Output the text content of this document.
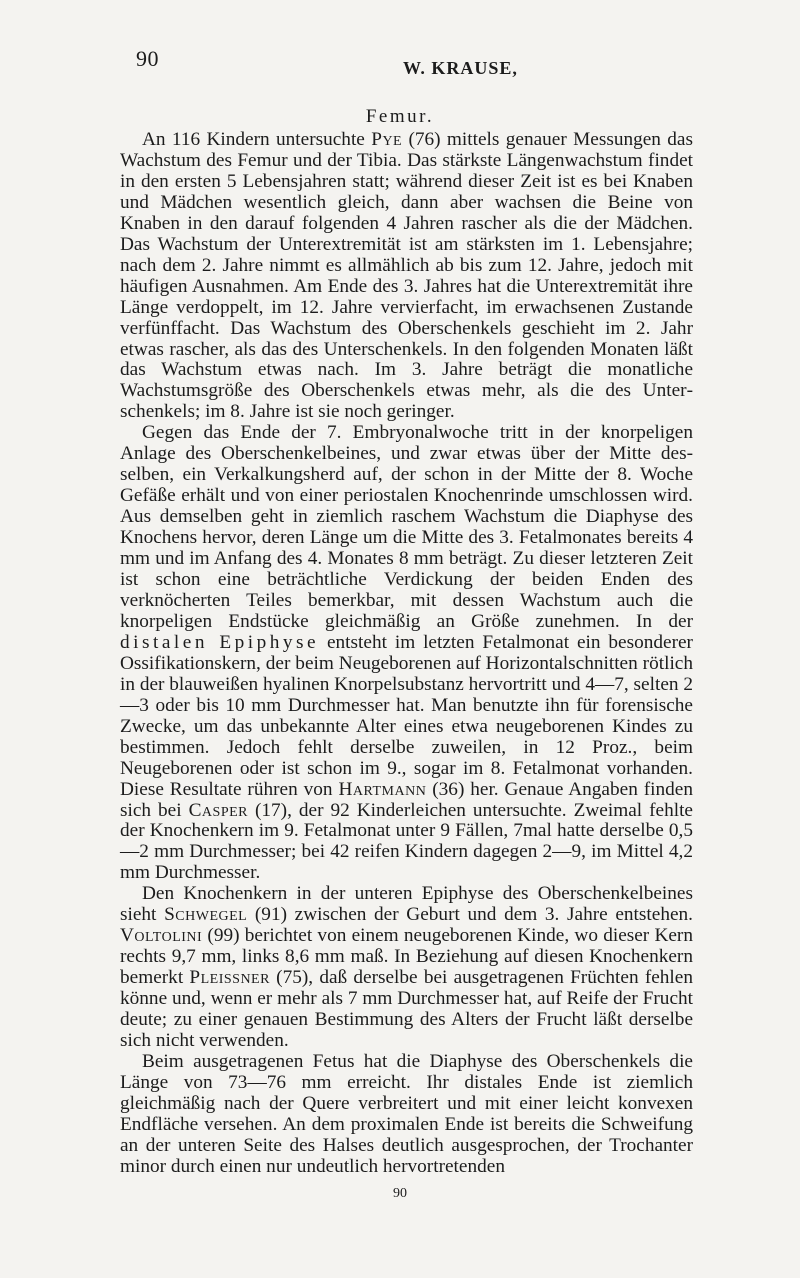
90	W. KRAUSE,
Femur.

An 116 Kindern untersuchte Pye (76) mittels genauer Messungen das Wachstum des Femur und der Tibia. Das stärkste Längenwachstum findet in den ersten 5 Lebensjahren statt; während dieser Zeit ist es bei Knaben und Mädchen wesentlich gleich, dann aber wachsen die Beine von Knaben in den darauf folgenden 4 Jahren rascher als die der Mädchen. Das Wachstum der Unterextremität ist am stärksten im 1. Lebensjahre; nach dem 2. Jahre nimmt es allmählich ab bis zum 12. Jahre, jedoch mit häufigen Ausnahmen. Am Ende des 3. Jahres hat die Unterextremität ihre Länge verdoppelt, im 12. Jahre vervierfacht, im erwachsenen Zustande verfünffacht. Das Wachstum des Oberschenkels geschieht im 2. Jahr etwas rascher, als das des Unterschenkels. In den folgenden Monaten läßt das Wachstum etwas nach. Im 3. Jahre beträgt die monatliche Wachstumsgröße des Oberschenkels etwas mehr, als die des Unterschenkels; im 8. Jahre ist sie noch geringer.

Gegen das Ende der 7. Embryonalwoche tritt in der knorpeligen Anlage des Oberschenkelbeines, und zwar etwas über der Mitte desselben, ein Verkalkungsherd auf, der schon in der Mitte der 8. Woche Gefäße erhält und von einer periostalen Knochenrinde umschlossen wird. Aus demselben geht in ziemlich raschem Wachstum die Diaphyse des Knochens hervor, deren Länge um die Mitte des 3. Fetalmonates bereits 4 mm und im Anfang des 4. Monates 8 mm beträgt. Zu dieser letzteren Zeit ist schon eine beträchtliche Verdickung der beiden Enden des verknöcherten Teiles bemerkbar, mit dessen Wachstum auch die knorpeligen Endstücke gleichmäßig an Größe zunehmen. In der distalen Epiphyse entsteht im letzten Fetalmonat ein besonderer Ossifikationskern, der beim Neugeborenen auf Horizontalschnitten rötlich in der blauweißen hyalinen Knorpelsubstanz hervortritt und 4—7, selten 2—3 oder bis 10 mm Durchmesser hat. Man benutzte ihn für forensische Zwecke, um das unbekannte Alter eines etwa neugeborenen Kindes zu bestimmen. Jedoch fehlt derselbe zuweilen, in 12 Proz., beim Neugeborenen oder ist schon im 9., sogar im 8. Fetalmonat vorhanden. Diese Resultate rühren von Hartmann (36) her. Genaue Angaben finden sich bei Casper (17), der 92 Kinderleichen untersuchte. Zweimal fehlte der Knochenkern im 9. Fetalmonat unter 9 Fällen, 7mal hatte derselbe 0,5—2 mm Durchmesser; bei 42 reifen Kindern dagegen 2—9, im Mittel 4,2 mm Durchmesser.

Den Knochenkern in der unteren Epiphyse des Oberschenkelbeines sieht Schwegel (91) zwischen der Geburt und dem 3. Jahre entstehen. Voltolini (99) berichtet von einem neugeborenen Kinde, wo dieser Kern rechts 9,7 mm, links 8,6 mm maß. In Beziehung auf diesen Knochenkern bemerkt Pleissner (75), daß derselbe bei ausgetragenen Früchten fehlen könne und, wenn er mehr als 7 mm Durchmesser hat, auf Reife der Frucht deute; zu einer genauen Bestimmung des Alters der Frucht läßt derselbe sich nicht verwenden.

Beim ausgetragenen Fetus hat die Diaphyse des Oberschenkels die Länge von 73—76 mm erreicht. Ihr distales Ende ist ziemlich gleichmäßig nach der Quere verbreitert und mit einer leicht konvexen Endfläche versehen. An dem proximalen Ende ist bereits die Schweifung an der unteren Seite des Halses deutlich ausgesprochen, der Trochanter minor durch einen nur undeutlich hervortretenden

90
